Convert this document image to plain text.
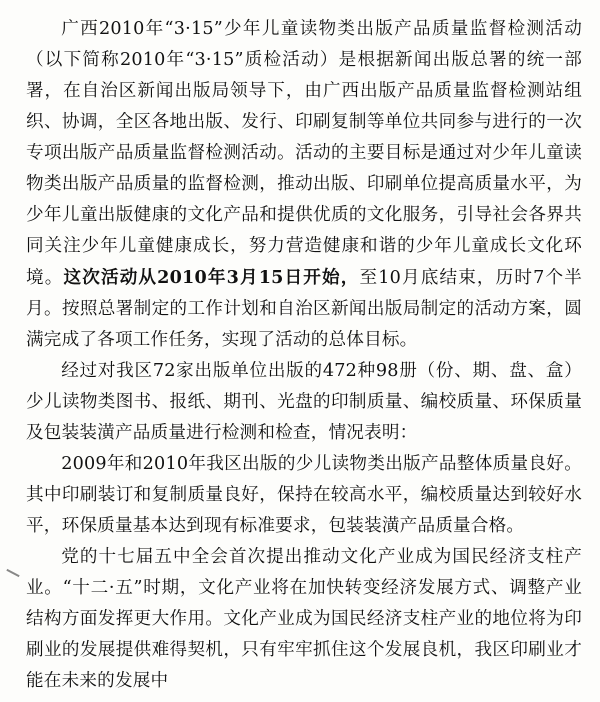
广西2010年“3·15”少年儿童读物类出版产品质量监督检测活动（以下简称2010年“3·15”质检活动）是根据新闻出版总署的统一部署，在自治区新闻出版局领导下，由广西出版产品质量监督检测站组织、协调，全区各地出版、发行、印刷复制等单位共同参与进行的一次专项出版产品质量监督检测活动。活动的主要目标是通过对少年儿童读物类出版产品质量的监督检测，推动出版、印刷单位提高质量水平，为少年儿童出版健康的文化产品和提供优质的文化服务，引导社会各界共同关注少年儿童健康成长，努力营造健康和谐的少年儿童成长文化环境。这次活动从2010年3月15日开始，至10月底结束，历时7个半月。按照总署制定的工作计划和自治区新闻出版局制定的活动方案，圆满完成了各项工作任务，实现了活动的总体目标。

经过对我区72家出版单位出版的472种98册（份、期、盘、盒）少儿读物类图书、报纸、期刊、光盘的印制质量、编校质量、环保质量及包装装潢产品质量进行检测和检查，情况表明：

2009年和2010年我区出版的少儿读物类出版产品整体质量良好。其中印刷装订和复制质量良好，保持在较高水平，编校质量达到较好水平，环保质量基本达到现有标准要求，包装装潢产品质量合格。

党的十七届五中全会首次提出推动文化产业成为国民经济支柱产业。“十二·五”时期，文化产业将在加快转变经济发展方式、调整产业结构方面发挥更大作用。文化产业成为国民经济支柱产业的地位将为印刷业的发展提供难得契机，只有牢牢抓住这个发展良机，我区印刷业才能在未来的发展中
